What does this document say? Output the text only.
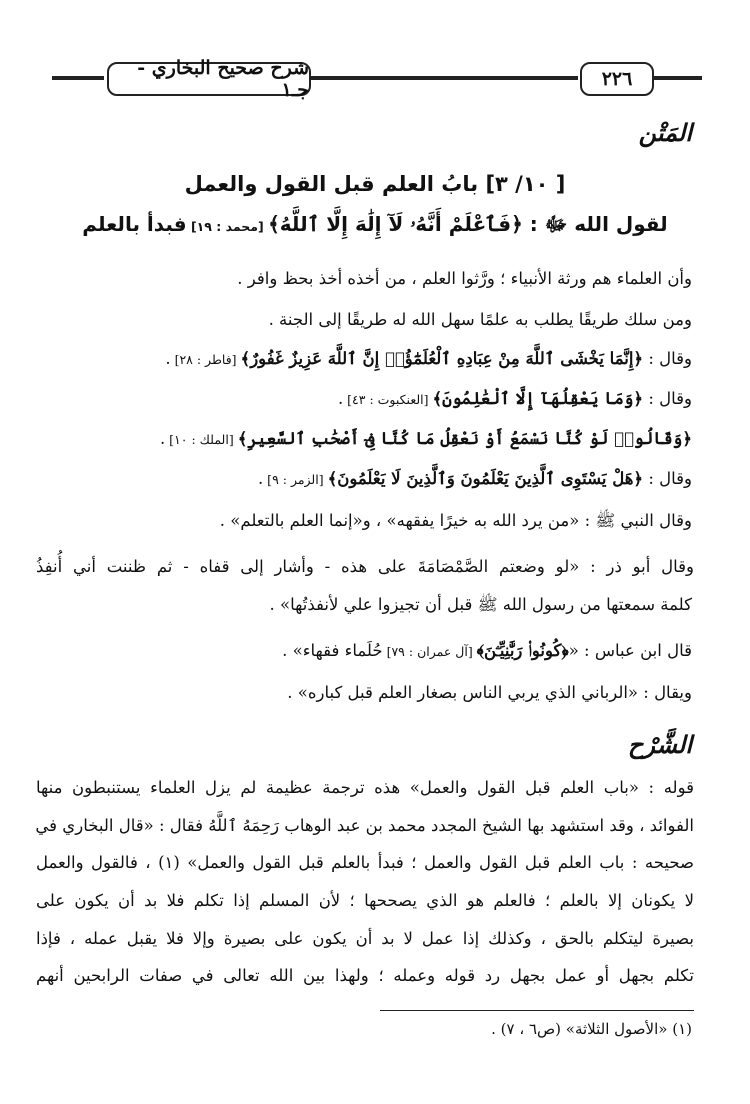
شرح صحيح البخاري - جـ١	٢٢٦
المَتْن
[ ١٠/ ٣] بابُ العلم قبل القول والعمل
لقول الله ﷻ : ﴿فَٱعْلَمْ أَنَّهُۥ لَآ إِلَٰهَ إِلَّا ٱللَّهُ﴾ [محمد : ١٩] فبدأ بالعلم
وأن العلماء هم ورثة الأنبياء ؛ ورَّثوا العلم ، من أخذه أخذ بحظ وافر .
ومن سلك طريقًا يطلب به علمًا سهل الله له طريقًا إلى الجنة .
وقال : ﴿إِنَّمَا يَخْشَى ٱللَّهَ مِنْ عِبَادِهِ ٱلْعُلَمَٰٓؤُا۟ إِنَّ ٱللَّهَ عَزِيزٌ غَفُورٌ﴾ [فاطر : ٢٨] .
وقال : ﴿وَمَا يَعْقِلُهَآ إِلَّا ٱلْعَٰلِمُونَ﴾ [العنكبوت : ٤٣] .
﴿وَقَالُوا۟ لَوْ كُنَّا نَسْمَعُ أَوْ نَعْقِلُ مَا كُنَّا فِىٓ أَصْحَٰبِ ٱلسَّعِيرِ﴾ [الملك : ١٠] .
وقال : ﴿هَلْ يَسْتَوِى ٱلَّذِينَ يَعْلَمُونَ وَٱلَّذِينَ لَا يَعْلَمُونَ﴾ [الزمر : ٩] .
وقال النبي ﷺ : «من يرد الله به خيرًا يفقهه» ، و«إنما العلم بالتعلم» .
وقال أبو ذر : «لو وضعتم الصَّمْصَامَةَ على هذه - وأشار إلى قفاه - ثم ظننت أني أُنفِذُ
كلمة سمعتها من رسول الله ﷺ قبل أن تجيزوا علي لأنفذتُها» .
قال ابن عباس : «﴿كُونُوا۟ رَبَّٰنِيِّـۧنَ﴾ [آل عمران : ٧٩] حُلَماء فقهاء» .
ويقال : «الرباني الذي يربي الناس بصغار العلم قبل كباره» .
الشَّرْح
قوله : «باب العلم قبل القول والعمل» هذه ترجمة عظيمة لم يزل العلماء يستنبطون منها
الفوائد ، وقد استشهد بها الشيخ المجدد محمد بن عبد الوهاب رَحِمَهُ ٱللَّهُ فقال : «قال البخاري في
صحيحه : باب العلم قبل القول والعمل ؛ فبدأ بالعلم قبل القول والعمل» (١) ، فالقول والعمل
لا يكونان إلا بالعلم ؛ فالعلم هو الذي يصححها ؛ لأن المسلم إذا تكلم فلا بد أن يكون على
بصيرة ليتكلم بالحق ، وكذلك إذا عمل لا بد أن يكون على بصيرة وإلا فلا يقبل عمله ، فإذا
تكلم بجهل أو عمل بجهل رد قوله وعمله ؛ ولهذا بين الله تعالى في صفات الرابحين أنهم
(١) «الأصول الثلاثة» (ص٦ ، ٧) .
